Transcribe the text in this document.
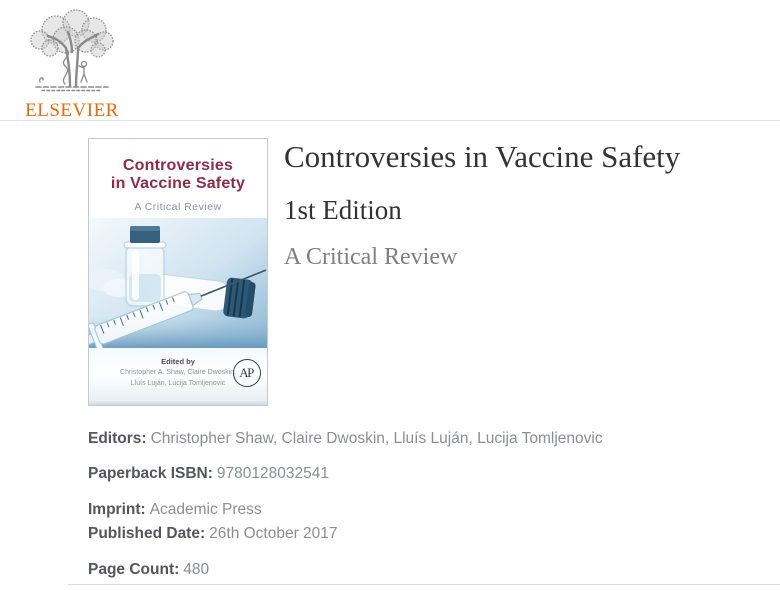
ELSEVIER
Controversies
in Vaccine Safety
A Critical Review
Edited by
Christopher A. Shaw, Claire Dwoskin,
Lluís Luján, Lucija Tomljenovic
AP
Controversies in Vaccine Safety
1st Edition
A Critical Review
Editors: Christopher Shaw, Claire Dwoskin, Lluís Luján, Lucija Tomljenovic
Paperback ISBN: 9780128032541
Imprint: Academic Press
Published Date: 26th October 2017
Page Count: 480
